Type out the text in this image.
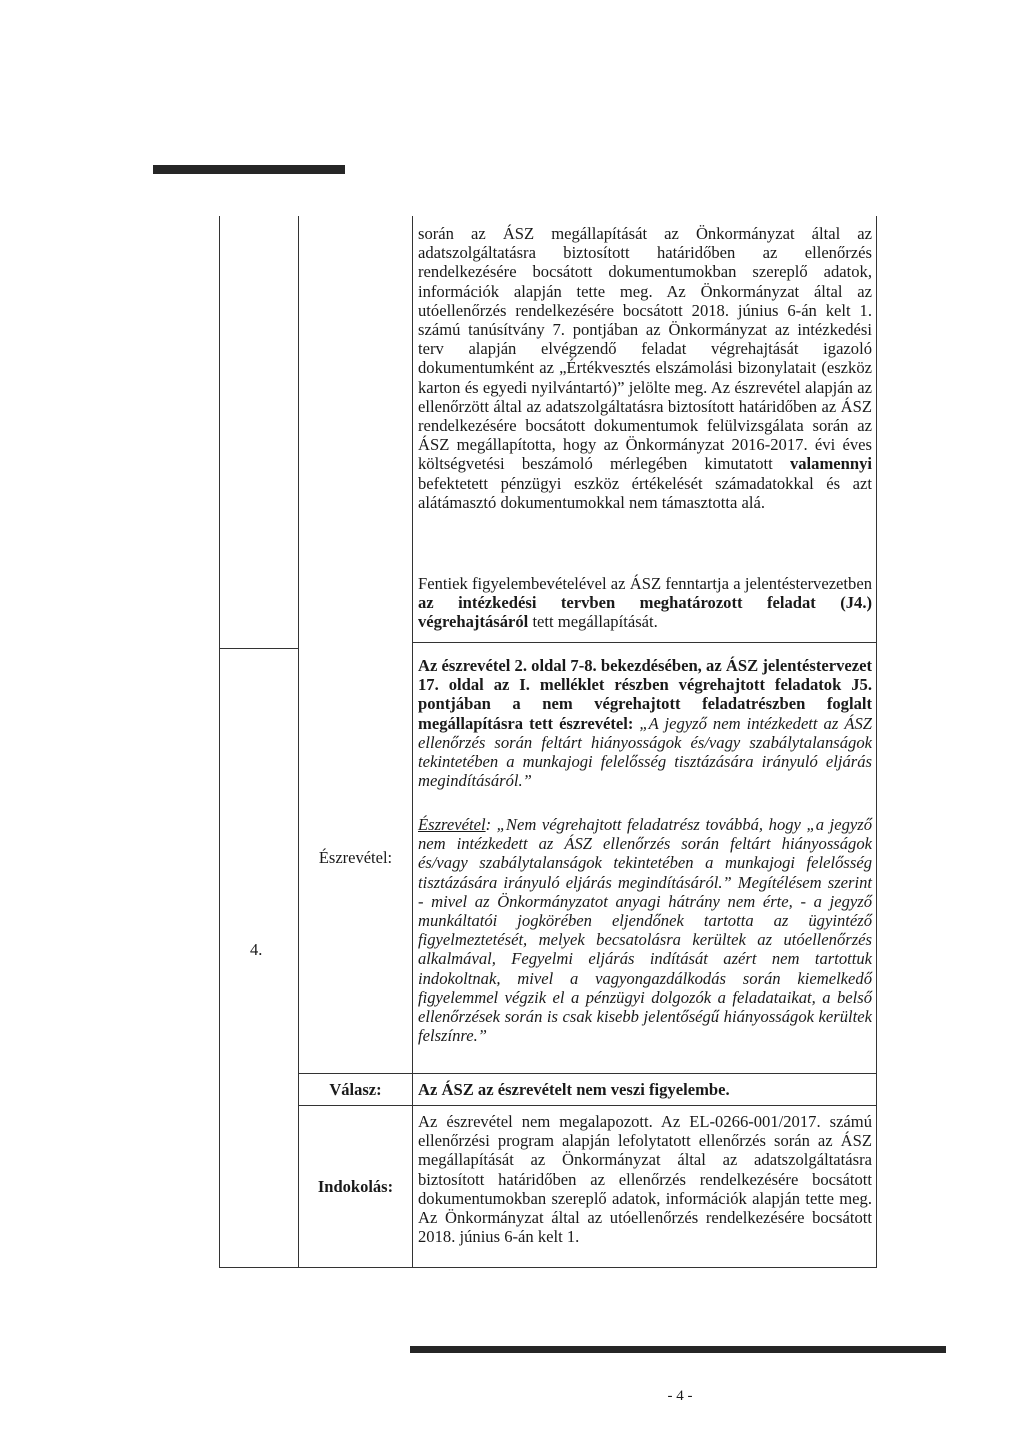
során az ÁSZ megállapítását az Önkormányzat által az adatszolgáltatásra biztosított határidőben az ellenőrzés rendelkezésére bocsátott dokumentumokban szereplő adatok, információk alapján tette meg. Az Önkormányzat által az utóellenőrzés rendelkezésére bocsátott 2018. június 6-án kelt 1. számú tanúsítvány 7. pontjában az Önkormányzat az intézkedési terv alapján elvégzendő feladat végrehajtását igazoló dokumentumként az „Értékvesztés elszámolási bizonylatait (eszköz karton és egyedi nyilvántartó)” jelölte meg. Az észrevétel alapján az ellenőrzött által az adatszolgáltatásra biztosított határidőben az ÁSZ rendelkezésére bocsátott dokumentumok felülvizsgálata során az ÁSZ megállapította, hogy az Önkormányzat 2016-2017. évi éves költségvetési beszámoló mérlegében kimutatott valamennyi befektetett pénzügyi eszköz értékelését számadatokkal és azt alátámasztó dokumentumokkal nem támasztotta alá.
Fentiek figyelembevételével az ÁSZ fenntartja a jelentéstervezetben az intézkedési tervben meghatározott feladat (J4.) végrehajtásáról tett megállapítását.
Az észrevétel 2. oldal 7-8. bekezdésében, az ÁSZ jelentéstervezet 17. oldal az I. melléklet részben végrehajtott feladatok J5. pontjában a nem végrehajtott feladatrészben foglalt megállapításra tett észrevétel: „A jegyző nem intézkedett az ÁSZ ellenőrzés során feltárt hiányosságok és/vagy szabálytalanságok tekintetében a munkajogi felelősség tisztázására irányuló eljárás megindításáról.”
Észrevétel: „Nem végrehajtott feladatrész továbbá, hogy „a jegyző nem intézkedett az ÁSZ ellenőrzés során feltárt hiányosságok és/vagy szabálytalanságok tekintetében a munkajogi felelősség tisztázására irányuló eljárás megindításáról.” Megítélésem szerint - mivel az Önkormányzatot anyagi hátrány nem érte, - a jegyző munkáltatói jogkörében eljendőnek tartotta az ügyintéző figyelmeztetését, melyek becsatolásra kerültek az utóellenőrzés alkalmával, Fegyelmi eljárás indítását azért nem tartottuk indokoltnak, mivel a vagyongazdálkodás során kiemelkedő figyelemmel végzik el a pénzügyi dolgozók a feladataikat, a belső ellenőrzések során is csak kisebb jelentőségű hiányosságok kerültek felszínre.”
4.
Észrevétel:
Válasz:
Indokolás:
Az ÁSZ az észrevételt nem veszi figyelembe.
Az észrevétel nem megalapozott. Az EL-0266-001/2017. számú ellenőrzési program alapján lefolytatott ellenőrzés során az ÁSZ megállapítását az Önkormányzat által az adatszolgáltatásra biztosított határidőben az ellenőrzés rendelkezésére bocsátott dokumentumokban szereplő adatok, információk alapján tette meg. Az Önkormányzat által az utóellenőrzés rendelkezésére bocsátott 2018. június 6-án kelt 1.
- 4 -
